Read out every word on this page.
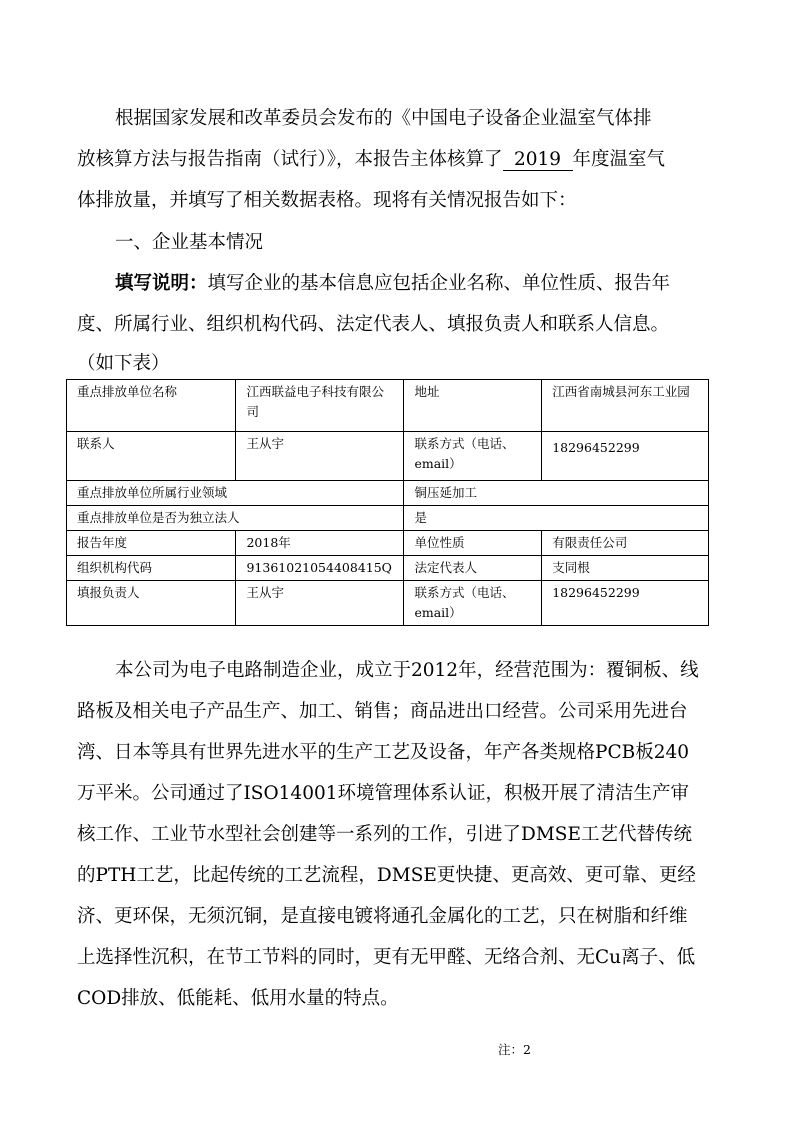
根据国家发展和改革委员会发布的《中国电子设备企业温室气体排
放核算方法与报告指南（试行）》，本报告主体核算了 2019 年度温室气
体排放量，并填写了相关数据表格。现将有关情况报告如下：
一、企业基本情况

填写说明：填写企业的基本信息应包括企业名称、单位性质、报告年度、所属行业、组织机构代码、法定代表人、填报负责人和联系人信息。

（如下表）
重点排放单位名称	江西联益电子科技有限公司	地址	江西省南城县河东工业园
联系人	王从宇	联系方式（电话、email）	18296452299
重点排放单位所属行业领域		铜压延加工	
重点排放单位是否为独立法人		是	
报告年度	2018年	单位性质	有限责任公司
组织机构代码	91361021054408415Q	法定代表人	支同根
填报负责人	王从宇	联系方式（电话、email）	18296452299

本公司为电子电路制造企业，成立于2012年，经营范围为：覆铜板、线路板及相关电子产品生产、加工、销售；商品进出口经营。公司采用先进台湾、日本等具有世界先进水平的生产工艺及设备，年产各类规格PCB板240万平米。公司通过了ISO14001环境管理体系认证，积极开展了清洁生产审核工作、工业节水型社会创建等一系列的工作，引进了DMSE工艺代替传统的PTH工艺，比起传统的工艺流程，DMSE更快捷、更高效、更可靠、更经济、更环保，无须沉铜，是直接电镀将通孔金属化的工艺，只在树脂和纤维上选择性沉积，在节工节料的同时，更有无甲醛、无络合剂、无Cu离子、低COD排放、低能耗、低用水量的特点。

注：2
